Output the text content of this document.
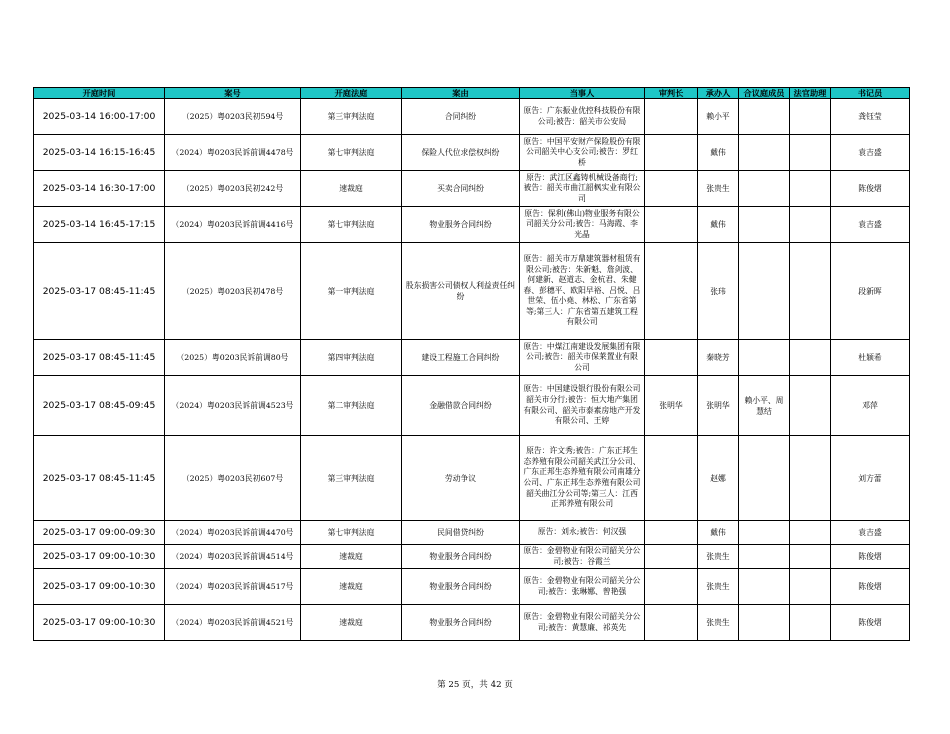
开庭时间	案号	开庭法庭	案由	当事人	审判长	承办人	合议庭成员	法官助理	书记员
2025-03-14 16:00-17:00	（2025）粤0203民初594号	第三审判法庭	合同纠纷	原告：广东振业优控科技股份有限公司;被告：韶关市公安局		赖小平			龚钰莹
2025-03-14 16:15-16:45	（2024）粤0203民诉前调4478号	第七审判法庭	保险人代位求偿权纠纷	原告：中国平安财产保险股份有限公司韶关中心支公司;被告：罗红桥		戴伟			袁吉盛
2025-03-14 16:30-17:00	（2025）粤0203民初242号	速裁庭	买卖合同纠纷	原告：武江区鑫铸机械设备商行;被告：韶关市曲江韶枫实业有限公司		张贵生			陈俊熠
2025-03-14 16:45-17:15	（2024）粤0203民诉前调4416号	第七审判法庭	物业服务合同纠纷	原告：保利(佛山)物业服务有限公司韶关分公司;被告：马海霞、李光晶		戴伟			袁吉盛
2025-03-17 08:45-11:45	（2025）粤0203民初478号	第一审判法庭	股东损害公司债权人利益责任纠纷	原告：韶关市万鼎建筑器材租赁有限公司;被告：朱新魁、詹剑波、何建新、赵道志、金杭君、朱健春、彭穗平、欧阳早裕、吕悦、吕世荣、伍小堯、林松、广东省第等;第三人：广东省第五建筑工程有限公司		张玮			段新晖
2025-03-17 08:45-11:45	（2025）粤0203民诉前调80号	第四审判法庭	建设工程施工合同纠纷	原告：中煤江南建设发展集团有限公司;被告：韶关市保莱置业有限公司		秦晓芳			杜颖希
2025-03-17 08:45-09:45	（2024）粤0203民诉前调4523号	第二审判法庭	金融借款合同纠纷	原告：中国建设银行股份有限公司韶关市分行;被告：恒大地产集团有限公司、韶关市泰素房地产开发有限公司、王婷	张明华	张明华	赖小平、周慧结		邓萍
2025-03-17 08:45-11:45	（2025）粤0203民初607号	第三审判法庭	劳动争议	原告：许文秀;被告：广东正邦生态养殖有限公司韶关武江分公司、广东正邦生态养殖有限公司南雄分公司、广东正邦生态养殖有限公司韶关曲江分公司等;第三人：江西正邦养殖有限公司		赵娜			刘方蕾
2025-03-17 09:00-09:30	（2024）粤0203民诉前调4470号	第七审判法庭	民间借贷纠纷	原告：刘永;被告：何汉强		戴伟			袁吉盛
2025-03-17 09:00-10:30	（2024）粤0203民诉前调4514号	速裁庭	物业服务合同纠纷	原告：金碧物业有限公司韶关分公司;被告：谷霞兰		张贵生			陈俊熠
2025-03-17 09:00-10:30	（2024）粤0203民诉前调4517号	速裁庭	物业服务合同纠纷	原告：金碧物业有限公司韶关分公司;被告：张琳娜、曾艳强		张贵生			陈俊熠
2025-03-17 09:00-10:30	（2024）粤0203民诉前调4521号	速裁庭	物业服务合同纠纷	原告：金碧物业有限公司韶关分公司;被告：黄慧廉、祁英先		张贵生			陈俊熠
第 25 页，共 42 页
